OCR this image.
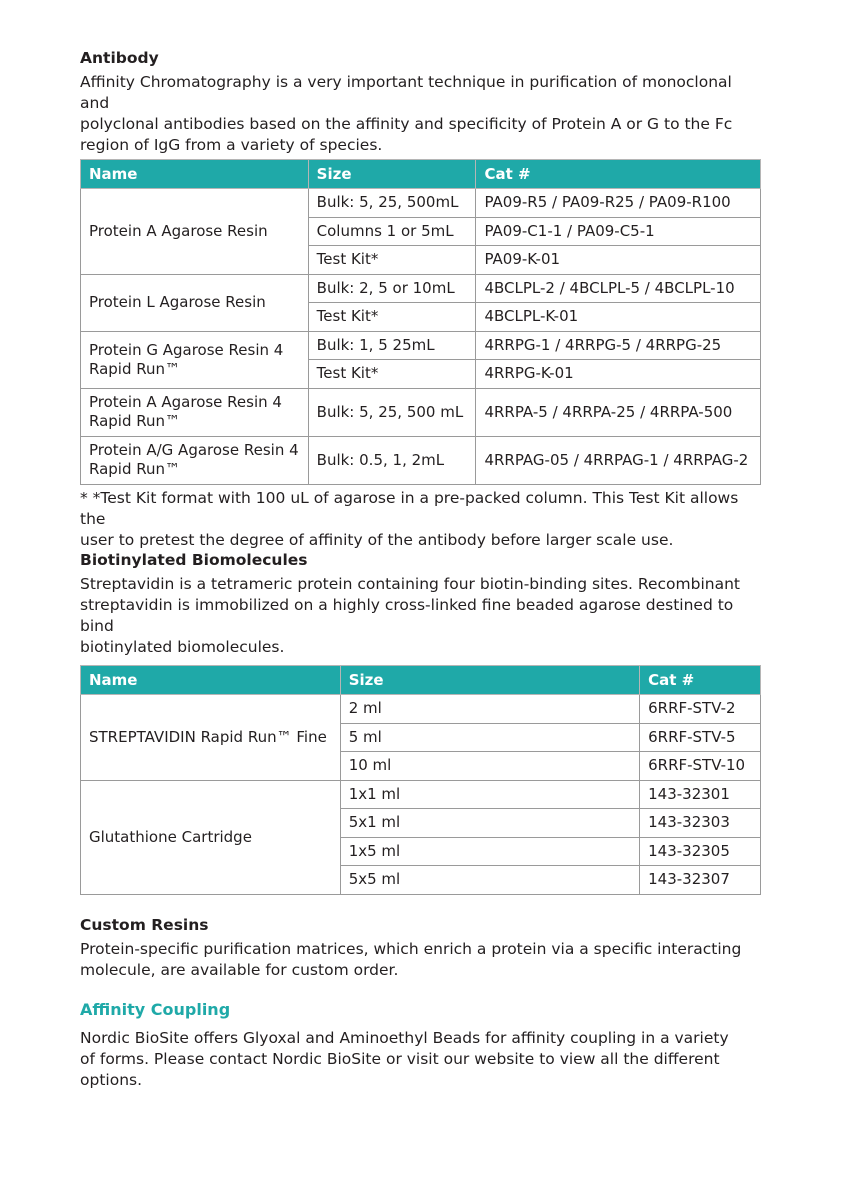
Antibody

Affinity Chromatography is a very important technique in purification of monoclonal and
polyclonal antibodies based on the affinity and specificity of Protein A or G to the Fc
region of IgG from a variety of species.

Name	Size	Cat #
Protein A Agarose Resin	Bulk: 5, 25, 500mL	PA09-R5 / PA09-R25 / PA09-R100
	Columns 1 or 5mL	PA09-C1-1 / PA09-C5-1
	Test Kit*	PA09-K-01
Protein L Agarose Resin	Bulk: 2, 5 or 10mL	4BCLPL-2 / 4BCLPL-5 / 4BCLPL-10
	Test Kit*	4BCLPL-K-01
Protein G Agarose Resin 4 Rapid Run™	Bulk: 1, 5 25mL	4RRPG-1 / 4RRPG-5 / 4RRPG-25
	Test Kit*	4RRPG-K-01
Protein A Agarose Resin 4 Rapid Run™	Bulk: 5, 25, 500 mL	4RRPA-5 / 4RRPA-25 / 4RRPA-500
Protein A/G Agarose Resin 4 Rapid Run™	Bulk: 0.5, 1, 2mL	4RRPAG-05 / 4RRPAG-1 / 4RRPAG-2

* *Test Kit format with 100 uL of agarose in a pre-packed column. This Test Kit allows the
user to pretest the degree of affinity of the antibody before larger scale use.

Biotinylated Biomolecules

Streptavidin is a tetrameric protein containing four biotin-binding sites. Recombinant
streptavidin is immobilized on a highly cross-linked fine beaded agarose destined to bind
biotinylated biomolecules.

Name	Size	Cat #
STREPTAVIDIN Rapid Run™ Fine	2 ml	6RRF-STV-2
	5 ml	6RRF-STV-5
	10 ml	6RRF-STV-10
Glutathione Cartridge	1x1 ml	143-32301
	5x1 ml	143-32303
	1x5 ml	143-32305
	5x5 ml	143-32307

Custom Resins

Protein-specific purification matrices, which enrich a protein via a specific interacting
molecule, are available for custom order.

Affinity Coupling

Nordic BioSite offers Glyoxal and Aminoethyl Beads for affinity coupling in a variety
of forms. Please contact Nordic BioSite or visit our website to view all the different
options.
